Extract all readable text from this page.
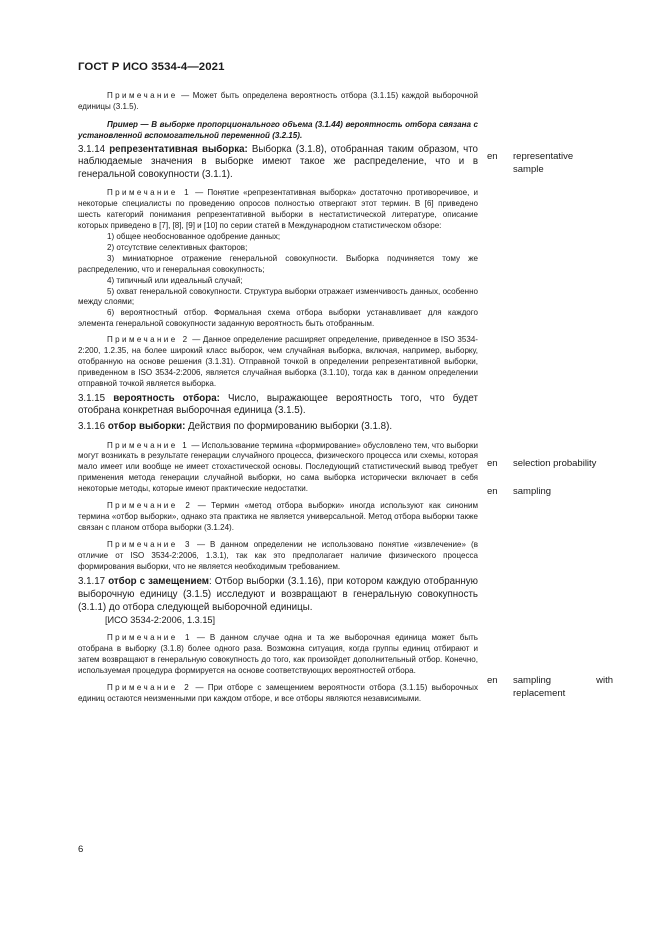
ГОСТ Р ИСО 3534-4—2021

Примечание — Может быть определена вероятность отбора (3.1.15) каждой выборочной единицы (3.1.5).

Пример — В выборке пропорционального объема (3.1.44) вероятность отбора связана с установленной вспомогательной переменной (3.2.15).

3.1.14 репрезентативная выборка: Выборка (3.1.8), отобранная таким образом, что наблюдаемые значения в выборке имеют такое же распределение, что и в генеральной совокупности (3.1.1).

Примечание 1 — Понятие «репрезентативная выборка» достаточно противоречивое, и некоторые специалисты по проведению опросов полностью отвергают этот термин. В [6] приведено шесть категорий понимания репрезентативной выборки в нестатистической литературе, описание которых приведено в [7], [8], [9] и [10] по серии статей в Международном статистическом обзоре:

1) общее необоснованное одобрение данных;

2) отсутствие селективных факторов;

3) миниатюрное отражение генеральной совокупности. Выборка подчиняется тому же распределению, что и генеральная совокупность;

4) типичный или идеальный случай;

5) охват генеральной совокупности. Структура выборки отражает изменчивость данных, особенно между слоями;

6) вероятностный отбор. Формальная схема отбора выборки устанавливает для каждого элемента генеральной совокупности заданную вероятность быть отобранным.

Примечание 2 — Данное определение расширяет определение, приведенное в ISO 3534-2:200, 1.2.35, на более широкий класс выборок, чем случайная выборка, включая, например, выборку, отобранную на основе решения (3.1.31). Отправной точкой в определении репрезентативной выборки, приведенном в ISO 3534-2:2006, является случайная выборка (3.1.10), тогда как в данном определении отправной точкой является выборка.

3.1.15 вероятность отбора: Число, выражающее вероятность того, что будет отобрана конкретная выборочная единица (3.1.5).

3.1.16 отбор выборки: Действия по формированию выборки (3.1.8).

Примечание 1 — Использование термина «формирование» обусловлено тем, что выборки могут возникать в результате генерации случайного процесса, физического процесса или схемы, которая мало имеет или вообще не имеет стохастической основы. Последующий статистический вывод требует применения метода генерации случайной выборки, но сама выборка исторически включает в себя некоторые методы, которые имеют практические недостатки.

Примечание 2 — Термин «метод отбора выборки» иногда используют как синоним термина «отбор выборки», однако эта практика не является универсальной. Метод отбора выборки также связан с планом отбора выборки (3.1.24).

Примечание 3 — В данном определении не использовано понятие «извлечение» (в отличие от ISO 3534-2:2006, 1.3.1), так как это предполагает наличие физического процесса формирования выборки, что не является необходимым требованием.

3.1.17 отбор с замещением: Отбор выборки (3.1.16), при котором каждую отобранную выборочную единицу (3.1.5) исследуют и возвращают в генеральную совокупность (3.1.1) до отбора следующей выборочной единицы.

[ИСО 3534-2:2006, 1.3.15]

Примечание 1 — В данном случае одна и та же выборочная единица может быть отобрана в выборку (3.1.8) более одного раза. Возможна ситуация, когда группы единиц отбирают и затем возвращают в генеральную совокупность до того, как произойдет дополнительный отбор. Конечно, используемая процедура формируется на основе соответствующих вероятностей отбора.

Примечание 2 — При отборе с замещением вероятности отбора (3.1.15) выборочных единиц остаются неизменными при каждом отборе, и все отборы являются независимыми.

en representative sample
en selection probability
en sampling
en sampling with replacement
6
